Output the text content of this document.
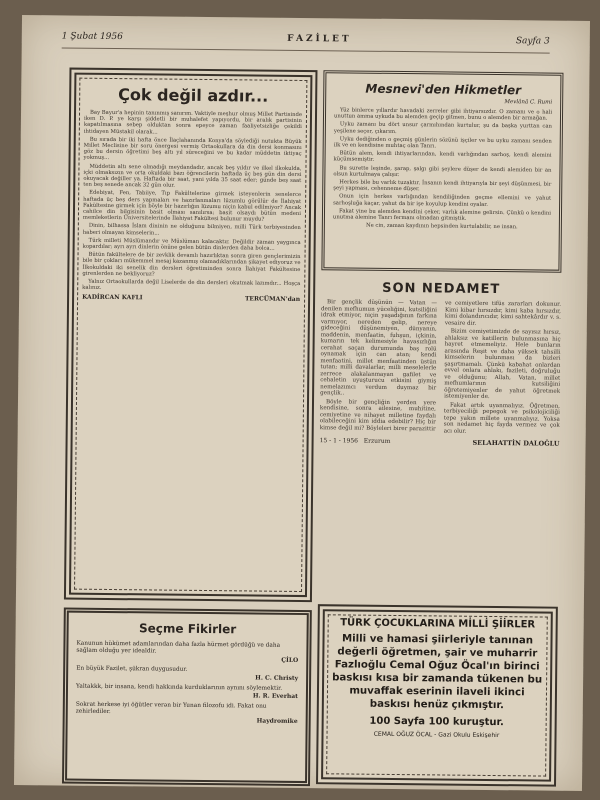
1 Şubat 1956	FAZİLET	Sayfa 3
Çok değil azdır...

Bay Bayur'a hepinin tanınmış sanırım. Vaktiyle meşhur olmuş Millet Partisinde iken D. P. ye karşı şiddetli bir muhalefet yapıyordu, bir aralık partisinin kapatılmasına sebep olduktan sonra epeyce zaman faaliyetsizliğe çekildi ihtidayen Müstakil olarak...

Bu sırada bir iki hafta önce İlaçlahanında Konya'da söylediği nutukta Büyük Millet Meclisine bir soru önergesi vermiş Ortaokullara da din dersi konmasını göz bu dersin öğretimi beş altı yıl süreceğini ve bu kadar müddetin iktiyaç yokmuş...

Müddetin altı sene olmadığı meydandadır, ancak beş yıldır ve ilkel ilkokulda, içki olmaksızın ve orta okuldaki bazı öğrencilerin haftada üç beş gün din dersi okuyacak değiller ya. Haftada bir saat, yani yılda 35 saat eder; günde beş saat ten beş senede ancak 32 gün olur.

Edebiyat, Fen, Tabiiye, Tıp Fakültelerine girmek isteyenlerin senelerce haftada üç beş ders yapmaları ve hazırlanmaları lüzumlu görülür de İlahiyat Fakültesine girmek için böyle bir hazırlığın lüzumu niçin kabul edilmiyor? Ancak cahilce din bilgisinin basit olması sanılırsa; basit olsaydı bütün medeni memleketlerin Üniversitelerinde İlahiyat Fakültesi bulunur muydu?

Dinin, bilhassa İslam dininin ne olduğunu bilmiyen, milli Türk terbiyesinden haberi olmayan kimselerin...

Türk milleti Müslümandır ve Müslüman kalacaktır. Değildir zaman yaygınca kopardılar; ayrı ayrı dinlerin önüne gelen bütün dinlerden daha bolca...

Bütün fakültelere de bir zevklik devamlı hazırlıktan sonra giren gençlerimizin bile bir çokları mükemmel mesaj kazanmış olamadıklarından şikayet ediyoruz ve İlkokuldaki iki senelik din dersleri öğretiminden sonra İlahiyat Fakültesine girenlerden ne bekliyoruz?

Yalnız Ortaokullarda değil Liselerde de din dersleri okutmak lazımdır... Hoşça kalınız.

KADİRCAN KAFLI	TERCÜMAN'dan
Seçme Fikirler
Kanunun hükümet adamlarından daha fazla hürmet gördüğü ve daha sağlam olduğu yer idealdir.
ÇİLO
En büyük Fazilet, şükran duygusudur.
H. C. Christy
Yaltakkk, bir insana, kendi hakkında kurduklarının aynını söylemektir.
H. R. Everhat
Sokrat herkese iyi öğütler verən bir Yunan filozofu idi. Fakat onu zehirlediler.
Haydromike
Mesnevi'den Hikmetler
Mevlânâ C. Rumi

Yüz binlerce yıllardır havadaki zerreler gibi ihtiyarsızdır. O zamanı ve o hali unuttun amma uykuda bu alemden geçip gitmen, bunu o alemden bir armağan.

Uyku zamanı bu dört unsur çarmıhından kurtulur, şu da başka yurttan can yeşilene seçer, çıkarım.

Uyku dediğinden o geçmiş günlerin sözünü işçiler ve bu uyku zamanı senden ilk ve en kendisine muhtaç olan Tanrı.

Bütün alem, kendi ihtiyarlarından, kendi varlığından sarhoş, kendi alemini küçümsemiştir.

Bu surette leşinde, şarap, şalgı gibi şeylere düşer de kendi alemiden bir an olsun kurtulmaya çalışır.

Herkes bile bu varlık tuzaktır. İnsanın kendi ihtiyarıyla bir şeyi düşünmesi, bir şeyi yapması, cehenneme düşer.

Onun için herkes varlığından kendiliğinden geçme ellemini ve yahut sarhoşluğa kaçar, yahut da bir işe koyulup kendini oyalar.

Fakat yine bu alemden kendini çeker, varlık alemine gelirsin. Çünkü o kendini unutma alemine Tanrı fermanı olmadan gitmiştik.

Ne cin, zaman kaydının hepsinden kurtulabilir, ne insan.

SON NEDAMET

Bir gençlik düşünün — Vatan — denilen mefhumun yüceliğini, kutsiliğini idrak etmiyor, niçin yaşadığının farkına varmıyor, nereden gelip, nereye gideceğini düşünemiyen, dünyanın, maddenin, menfaatin, fuhşun, içkinin, kumarın tek kelimesiyle hayasızlığın cerahat saçan durumunda baş rolü oynamak için can atan; kendi menfaatini, millet menfaatinden üstün tutan; milli davalarlar, milli meselelerle zerrece alakalanmayan gafilet ve cehaletin uyuşturucu etkisini giymiş nemelazımcı verdum duymaz bir gençlik..

Böyle bir gençliğin yerden yere kendisine, sonra ailesine, muhitine, cemiyetine ve nihayet milletine faydalı olabileceğini kim iddia edebilir? Hiç bir kimse değil mi? Böyleleri birer parazittir ve cemiyetlere tifüs zararları dokunur. Kimi kibar hırsızdır, kimi kaba hırsızdır, kimi dolandırıcıdır, kimi sahtekârdır v. s. vesaire dir.

Bizim cemiyetimizde de sayısız hırsız, ahlaksız ve katillerin bulunmasına hiç hayret etmemeliyiz. Hele bunların arasında Reşit ve daha yüksek tahsilli kimselerin bulunması da bizleri şaşırtmamalı. Çünkü kabahat onlardan evvel onlara ahlakı, fazileti, doğruluğu ve olduğunu; Allah, Vatan, millet mefhumlarının kutsiliğini öğretemiyenler de yahut öğretmek istemiyenler de.

Fakat artık uyanmalıyız. Öğretmen, terbiyeciliği pepegok ve psikolojiciliği tepe yakın millete uyanmalıyız. Yoksa son nedamet hiç fayda vermez ve çok acı olur.

15 - 1 - 1956 Erzurum	SELAHATTİN DALOĞLU
TÜRK ÇOCUKLARINA MİLLİ ŞİİRLER
Milli ve hamasi şiirleriyle tanınan değerli öğretmen, şair ve muharrir Fazlıoğlu Cemal Oğuz Öcal'ın birinci baskısı kısa bir zamanda tükenen bu muvaffak eserinin ilaveli ikinci baskısı henüz çıkmıştır.
100 Sayfa 100 kuruştur.
CEMAL OĞUZ ÖCAL - Gazi Okulu Eskişehir
